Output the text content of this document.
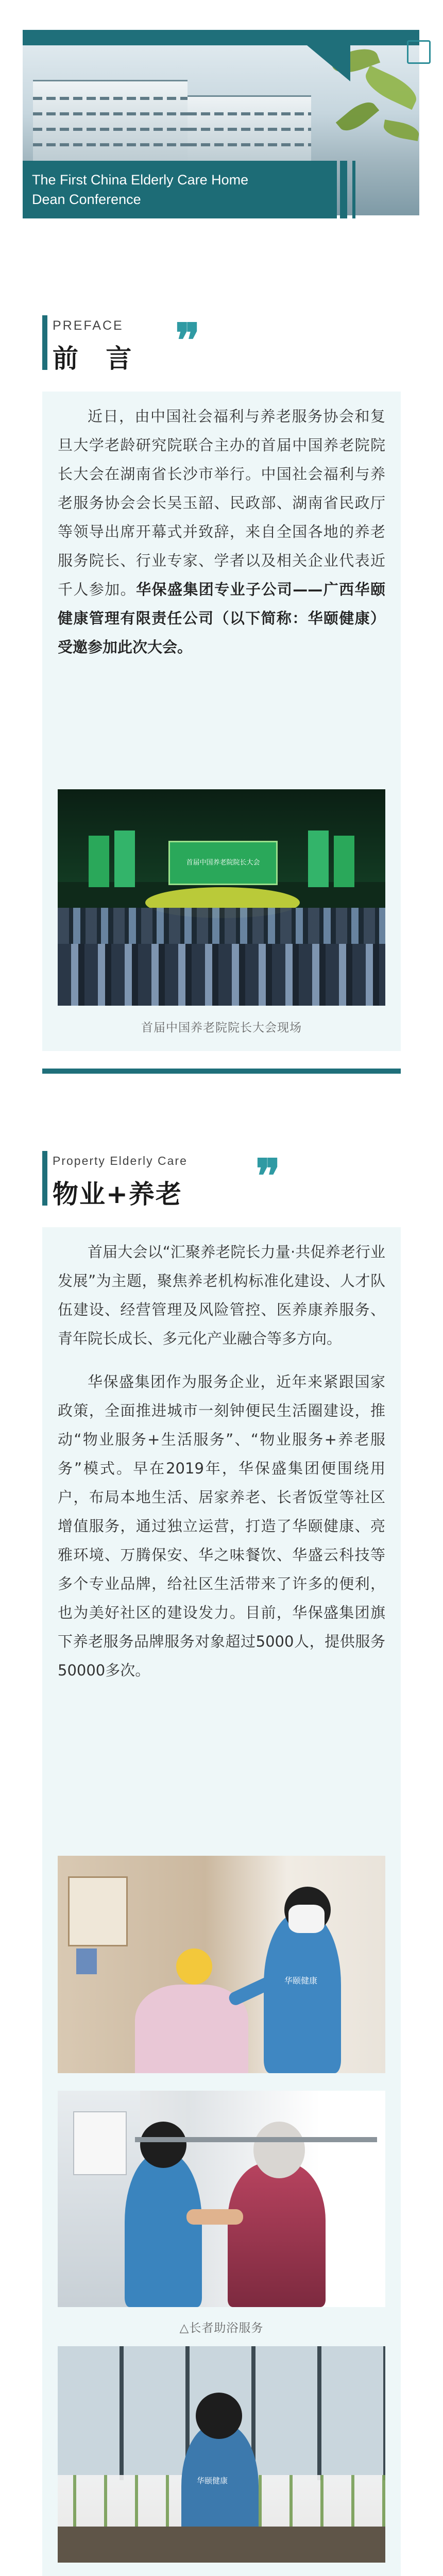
The First China Elderly Care Home
Dean Conference
PREFACE
前 言 ❞

近日，由中国社会福利与养老服务协会和复旦大学老龄研究院联合主办的首届中国养老院院长大会在湖南省长沙市举行。中国社会福利与养老服务协会会长吴玉韶、民政部、湖南省民政厅等领导出席开幕式并致辞，来自全国各地的养老服务院长、行业专家、学者以及相关企业代表近千人参加。华保盛集团专业子公司——广西华颐健康管理有限责任公司（以下简称：华颐健康）受邀参加此次大会。

首届中国养老院院长大会
首届中国养老院院长大会现场
Property Elderly Care
物业+养老 ❞

首届大会以“汇聚养老院长力量·共促养老行业发展”为主题，聚焦养老机构标准化建设、人才队伍建设、经营管理及风险管控、医养康养服务、青年院长成长、多元化产业融合等多方向。

华保盛集团作为服务企业，近年来紧跟国家政策，全面推进城市一刻钟便民生活圈建设，推动“物业服务+生活服务”、“物业服务+养老服务”模式。早在2019年，华保盛集团便围绕用户，布局本地生活、居家养老、长者饭堂等社区增值服务，通过独立运营，打造了华颐健康、亮雅环境、万腾保安、华之味餐饮、华盛云科技等多个专业品牌，给社区生活带来了许多的便利，也为美好社区的建设发力。目前，华保盛集团旗下养老服务品牌服务对象超过5000人，提供服务50000多次。

华颐健康
△长者助浴服务
华颐健康
